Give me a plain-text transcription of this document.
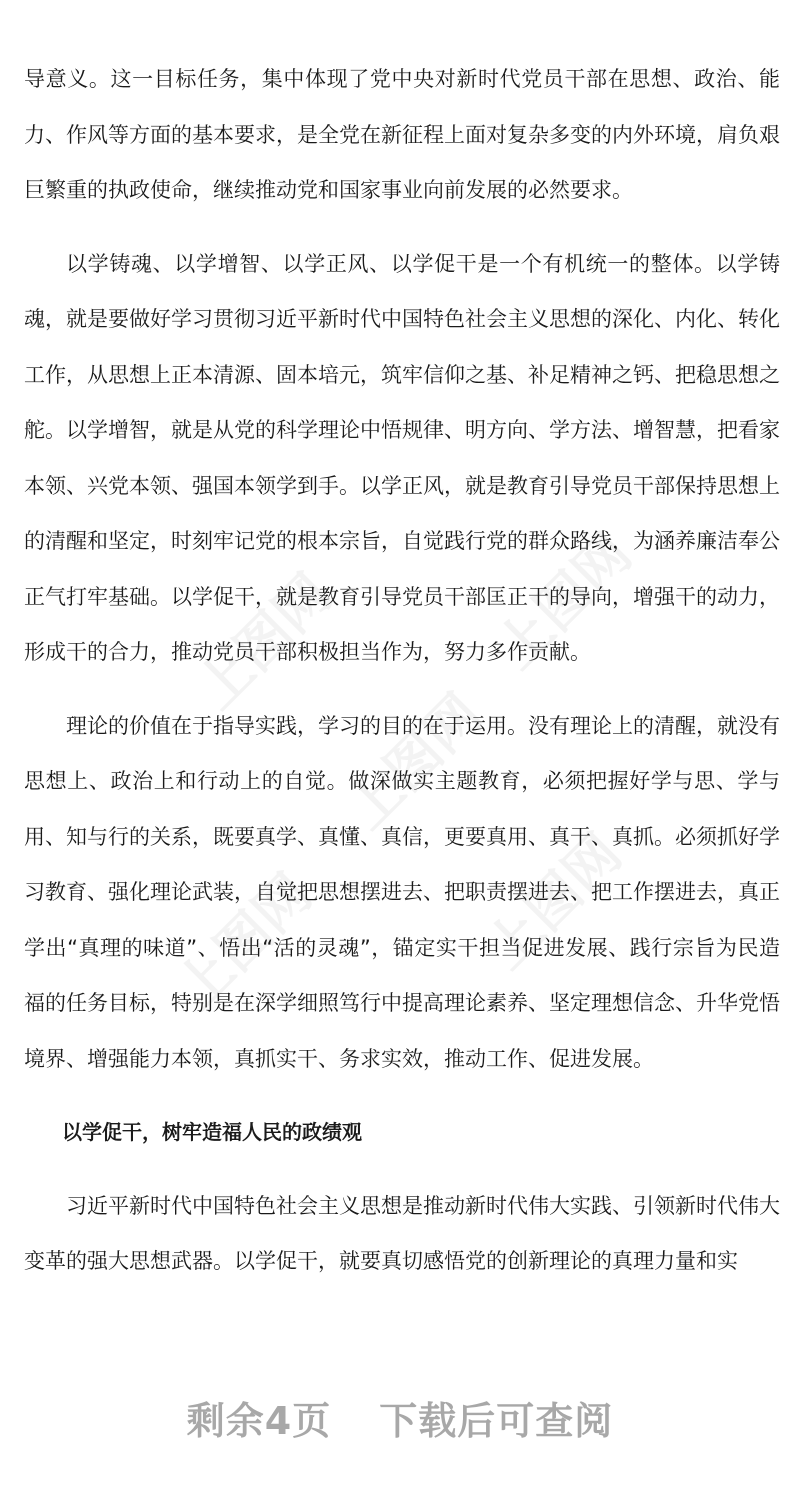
上图网	上图网
上图网
上图网	上图网

导意义。这一目标任务，集中体现了党中央对新时代党员干部在思想、政治、能力、作风等方面的基本要求，是全党在新征程上面对复杂多变的内外环境，肩负艰巨繁重的执政使命，继续推动党和国家事业向前发展的必然要求。

以学铸魂、以学增智、以学正风、以学促干是一个有机统一的整体。以学铸魂，就是要做好学习贯彻习近平新时代中国特色社会主义思想的深化、内化、转化工作，从思想上正本清源、固本培元，筑牢信仰之基、补足精神之钙、把稳思想之舵。以学增智，就是从党的科学理论中悟规律、明方向、学方法、增智慧，把看家本领、兴党本领、强国本领学到手。以学正风，就是教育引导党员干部保持思想上的清醒和坚定，时刻牢记党的根本宗旨，自觉践行党的群众路线，为涵养廉洁奉公正气打牢基础。以学促干，就是教育引导党员干部匡正干的导向，增强干的动力，形成干的合力，推动党员干部积极担当作为，努力多作贡献。

理论的价值在于指导实践，学习的目的在于运用。没有理论上的清醒，就没有思想上、政治上和行动上的自觉。做深做实主题教育，必须把握好学与思、学与用、知与行的关系，既要真学、真懂、真信，更要真用、真干、真抓。必须抓好学习教育、强化理论武装，自觉把思想摆进去、把职责摆进去、把工作摆进去，真正学出“真理的味道”、悟出“活的灵魂”，锚定实干担当促进发展、践行宗旨为民造福的任务目标，特别是在深学细照笃行中提高理论素养、坚定理想信念、升华党悟境界、增强能力本领，真抓实干、务求实效，推动工作、促进发展。

以学促干，树牢造福人民的政绩观

习近平新时代中国特色社会主义思想是推动新时代伟大实践、引领新时代伟大变革的强大思想武器。以学促干，就要真切感悟党的创新理论的真理力量和实

剩余4页 下载后可查阅
